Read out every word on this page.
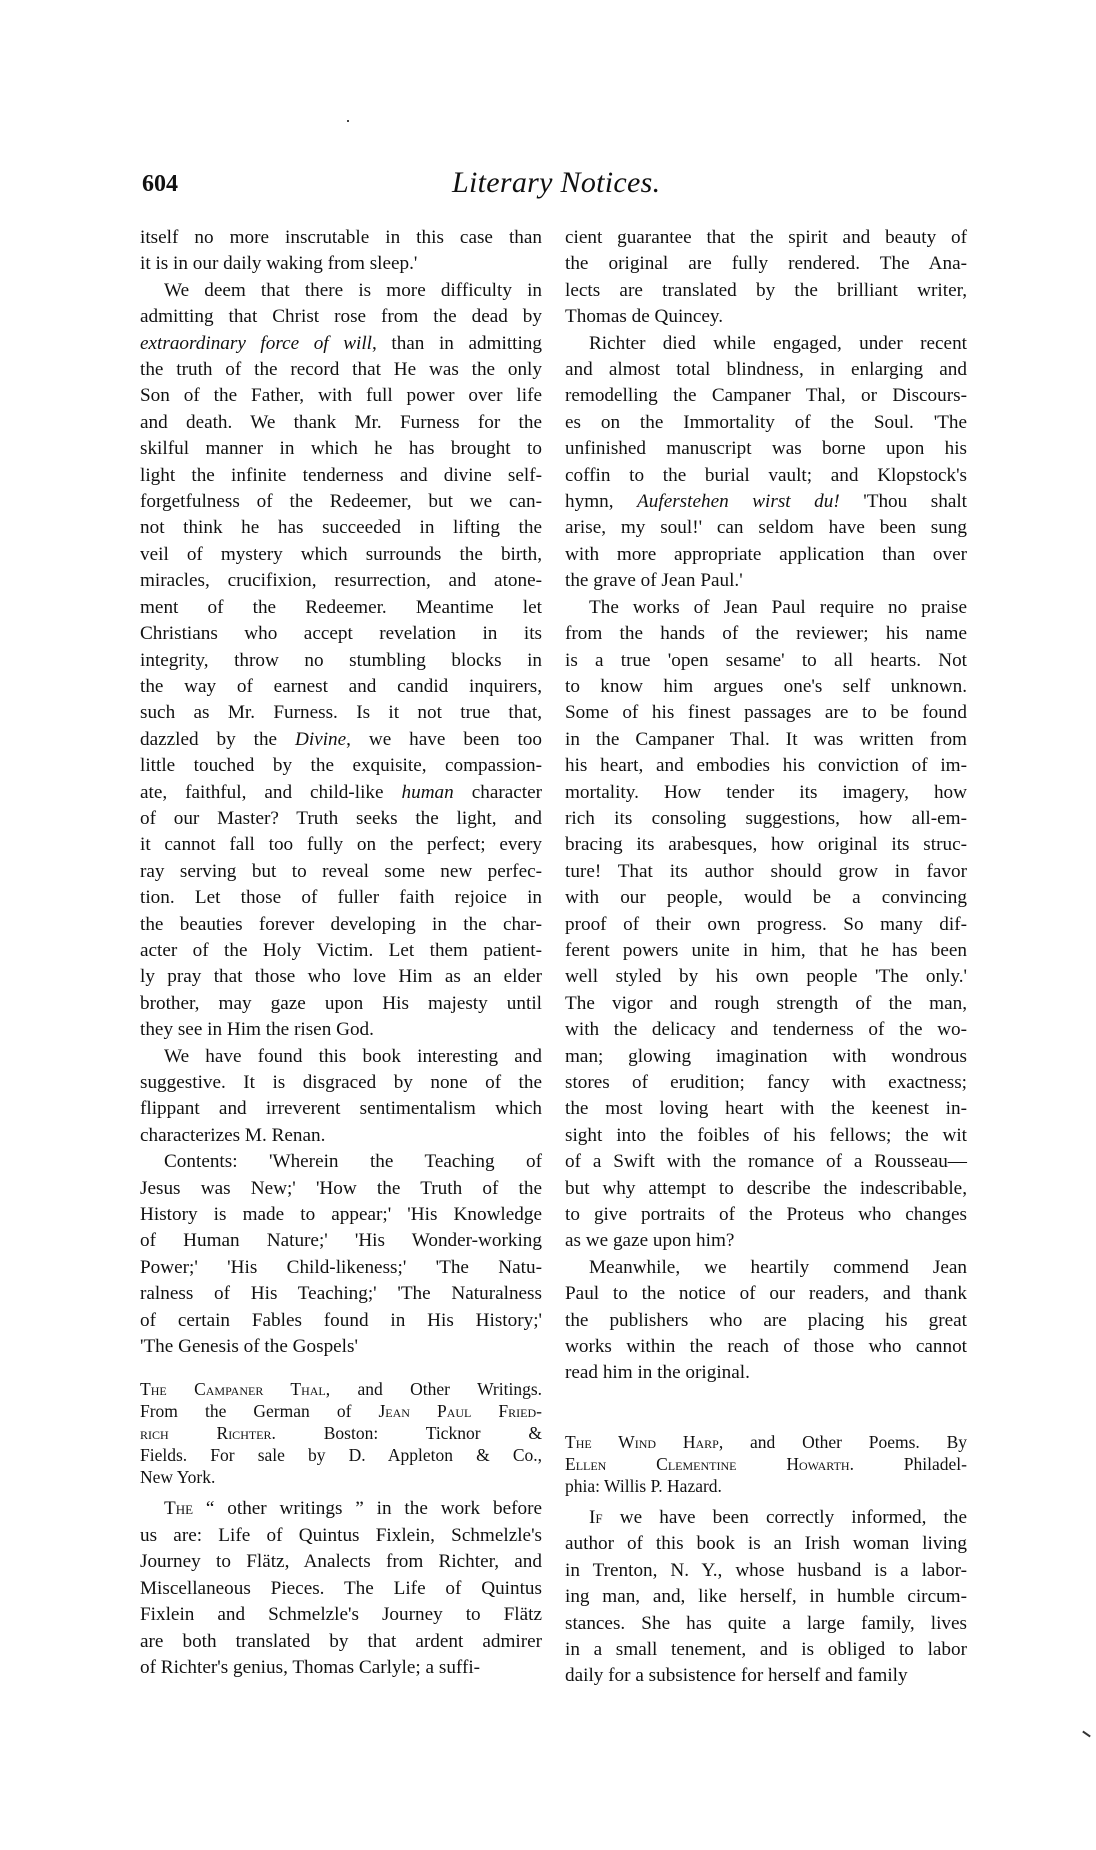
604	Literary Notices.
itself no more inscrutable in this case than
it is in our daily waking from sleep.'
We deem that there is more difficulty in
admitting that Christ rose from the dead by
extraordinary force of will, than in admitting
the truth of the record that He was the only
Son of the Father, with full power over life
and death. We thank Mr. Furness for the
skilful manner in which he has brought to
light the infinite tenderness and divine self-
forgetfulness of the Redeemer, but we can-
not think he has succeeded in lifting the
veil of mystery which surrounds the birth,
miracles, crucifixion, resurrection, and atone-
ment of the Redeemer. Meantime let
Christians who accept revelation in its
integrity, throw no stumbling blocks in
the way of earnest and candid inquirers,
such as Mr. Furness. Is it not true that,
dazzled by the Divine, we have been too
little touched by the exquisite, compassion-
ate, faithful, and child-like human character
of our Master? Truth seeks the light, and
it cannot fall too fully on the perfect; every
ray serving but to reveal some new perfec-
tion. Let those of fuller faith rejoice in
the beauties forever developing in the char-
acter of the Holy Victim. Let them patient-
ly pray that those who love Him as an elder
brother, may gaze upon His majesty until
they see in Him the risen God.
We have found this book interesting and
suggestive. It is disgraced by none of the
flippant and irreverent sentimentalism which
characterizes M. Renan.
Contents: 'Wherein the Teaching of
Jesus was New;' 'How the Truth of the
History is made to appear;' 'His Knowledge
of Human Nature;' 'His Wonder-working
Power;' 'His Child-likeness;' 'The Natu-
ralness of His Teaching;' 'The Naturalness
of certain Fables found in His History;'
'The Genesis of the Gospels'
The Campaner Thal, and Other Writings.
From the German of Jean Paul Fried-
rich Richter. Boston: Ticknor &
Fields. For sale by D. Appleton & Co.,
New York.
The “ other writings ” in the work before
us are: Life of Quintus Fixlein, Schmelzle's
Journey to Flätz, Analects from Richter, and
Miscellaneous Pieces. The Life of Quintus
Fixlein and Schmelzle's Journey to Flätz
are both translated by that ardent admirer
of Richter's genius, Thomas Carlyle; a suffi-
cient guarantee that the spirit and beauty of
the original are fully rendered. The Ana-
lects are translated by the brilliant writer,
Thomas de Quincey.
Richter died while engaged, under recent
and almost total blindness, in enlarging and
remodelling the Campaner Thal, or Discours-
es on the Immortality of the Soul. 'The
unfinished manuscript was borne upon his
coffin to the burial vault; and Klopstock's
hymn, Auferstehen wirst du! 'Thou shalt
arise, my soul!' can seldom have been sung
with more appropriate application than over
the grave of Jean Paul.'
The works of Jean Paul require no praise
from the hands of the reviewer; his name
is a true 'open sesame' to all hearts. Not
to know him argues one's self unknown.
Some of his finest passages are to be found
in the Campaner Thal. It was written from
his heart, and embodies his conviction of im-
mortality. How tender its imagery, how
rich its consoling suggestions, how all-em-
bracing its arabesques, how original its struc-
ture! That its author should grow in favor
with our people, would be a convincing
proof of their own progress. So many dif-
ferent powers unite in him, that he has been
well styled by his own people 'The only.'
The vigor and rough strength of the man,
with the delicacy and tenderness of the wo-
man; glowing imagination with wondrous
stores of erudition; fancy with exactness;
the most loving heart with the keenest in-
sight into the foibles of his fellows; the wit
of a Swift with the romance of a Rousseau—
but why attempt to describe the indescribable,
to give portraits of the Proteus who changes
as we gaze upon him?
Meanwhile, we heartily commend Jean
Paul to the notice of our readers, and thank
the publishers who are placing his great
works within the reach of those who cannot
read him in the original.
The Wind Harp, and Other Poems. By
Ellen Clementine Howarth. Philadel-
phia: Willis P. Hazard.
If we have been correctly informed, the
author of this book is an Irish woman living
in Trenton, N. Y., whose husband is a labor-
ing man, and, like herself, in humble circum-
stances. She has quite a large family, lives
in a small tenement, and is obliged to labor
daily for a subsistence for herself and family
